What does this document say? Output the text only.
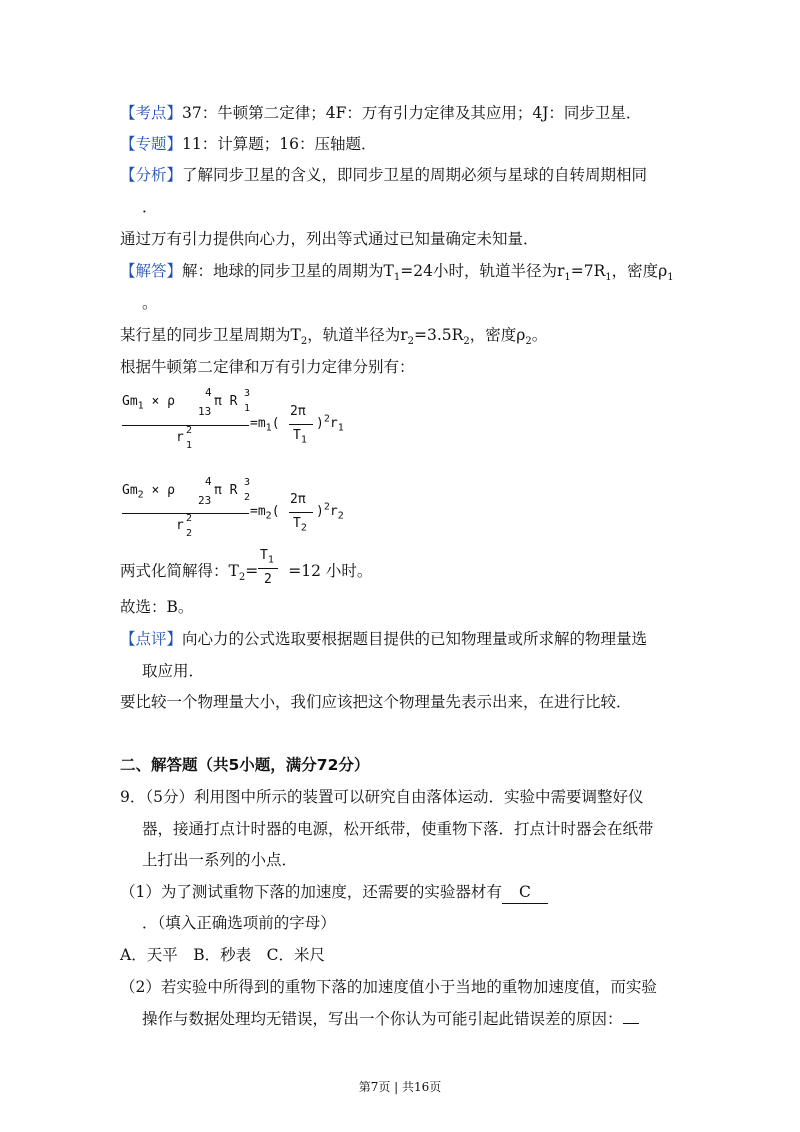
【考点】37：牛顿第二定律；4F：万有引力定律及其应用；4J：同步卫星．
【专题】11：计算题；16：压轴题．
【分析】了解同步卫星的含义，即同步卫星的周期必须与星球的自转周期相同
．
通过万有引力提供向心力，列出等式通过已知量确定未知量．
【解答】解：地球的同步卫星的周期为$T_1=24$小时，轨道半径为$r_1=7R_1$，密度$\rho_1$
。
某行星的同步卫星周期为$T_2$，轨道半径为$r_2=3.5R_2$，密度$\rho_2$。
根据牛顿第二定律和万有引力定律分别有：
$Gm_1 \times \rho$
4
13
π R
3
1
r 2
1
$=m_1$(
2π
$T_1$
)$^2r_1$
$Gm_2 \times \rho$
4
23
π R
3
2
r 2
2
$=m_2$(
2π
$T_2$
)$^2r_2$
两式化简解得：$T_2= =12$ 小时。
$T_1$
2
故选：B。
【点评】向心力的公式选取要根据题目提供的已知物理量或所求解的物理量选
取应用．
要比较一个物理量大小，我们应该把这个物理量先表示出来，在进行比较．
二、解答题（共5小题，满分72分）
9．（5分）利用图中所示的装置可以研究自由落体运动．实验中需要调整好仪
器，接通打点计时器的电源，松开纸带，使重物下落．打点计时器会在纸带
上打出一系列的小点．
（1）为了测试重物下落的加速度，还需要的实验器材有 C
．（填入正确选项前的字母）
A．天平　B．秒表　C．米尺
（2）若实验中所得到的重物下落的加速度值小于当地的重物加速度值，而实验
操作与数据处理均无错误，写出一个你认为可能引起此错误差的原因：
第7页 | 共16页
